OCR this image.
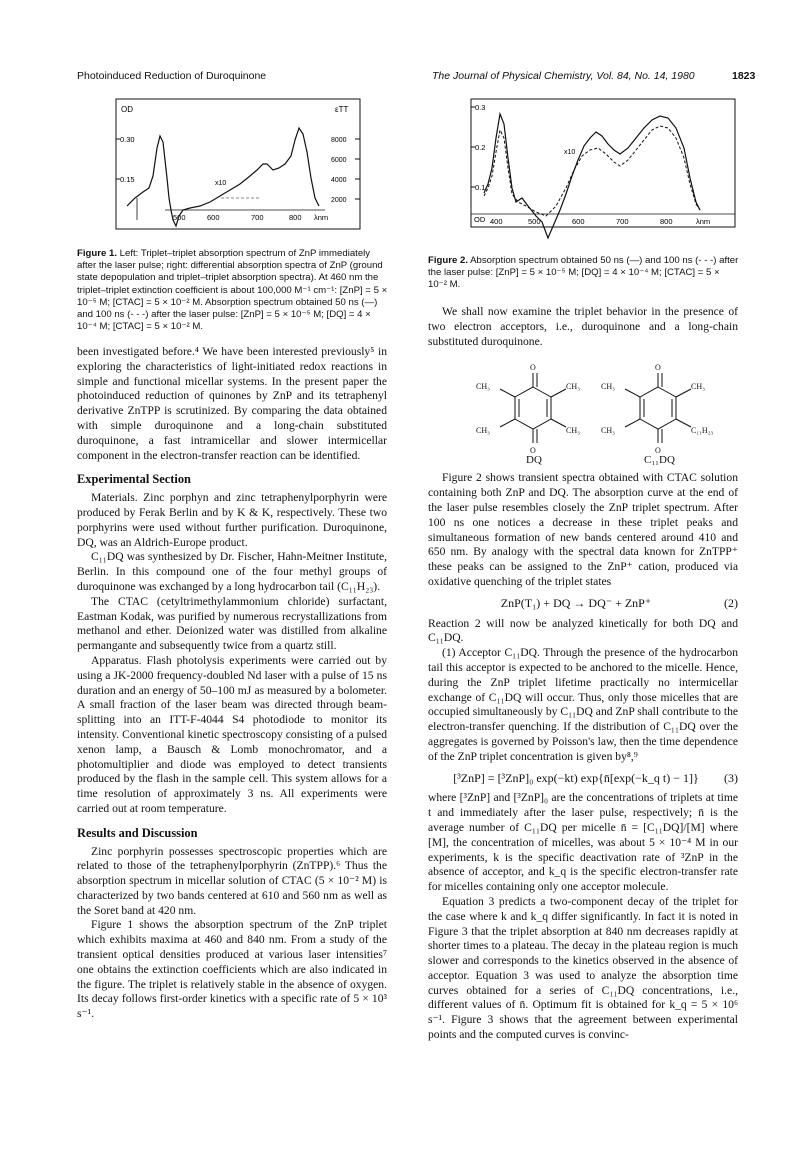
Photoinduced Reduction of Duroquinone	The Journal of Physical Chemistry, Vol. 84, No. 14, 1980	1823
OD	εTT
0.30
0.15
8000
6000
4000
2000
500	600	700	800 λnm
x10
Figure 1. Left: Triplet–triplet absorption spectrum of ZnP immediately after the laser pulse; right: differential absorption spectra of ZnP (ground state depopulation and triplet–triplet absorption spectra). At 460 nm the triplet–triplet extinction coefficient is about 100,000 M⁻¹ cm⁻¹: [ZnP] = 5 × 10⁻⁵ M; [CTAC] = 5 × 10⁻² M. Absorption spectrum obtained 50 ns (—) and 100 ns (- - -) after the laser pulse: [ZnP] = 5 × 10⁻⁵ M; [DQ] = 4 × 10⁻⁴ M; [CTAC] = 5 × 10⁻² M.
0.3
0.2
0.1
OD 400	500	600	700	800	λnm
x10
Figure 2. Absorption spectrum obtained 50 ns (—) and 100 ns (- - -) after the laser pulse: [ZnP] = 5 × 10⁻⁵ M; [DQ] = 4 × 10⁻⁴ M; [CTAC] = 5 × 10⁻² M.

been investigated before.⁴ We have been interested previously⁵ in exploring the characteristics of light-initiated redox reactions in simple and functional micellar systems. In the present paper the photoinduced reduction of quinones by ZnP and its tetraphenyl derivative ZnTPP is scrutinized. By comparing the data obtained with simple duroquinone and a long-chain substituted duroquinone, a fast intramicellar and slower intermicellar component in the electron-transfer reaction can be identified.

Experimental Section

Materials. Zinc porphyn and zinc tetraphenylporphyrin were produced by Ferak Berlin and by K & K, respectively. These two porphyrins were used without further purification. Duroquinone, DQ, was an Aldrich-Europe product.

C₁₁DQ was synthesized by Dr. Fischer, Hahn-Meitner Institute, Berlin. In this compound one of the four methyl groups of duroquinone was exchanged by a long hydrocarbon tail (C₁₁H₂₃).

The CTAC (cetyltrimethylammonium chloride) surfactant, Eastman Kodak, was purified by numerous recrystallizations from methanol and ether. Deionized water was distilled from alkaline permangante and subsequently twice from a quartz still.

Apparatus. Flash photolysis experiments were carried out by using a JK-2000 frequency-doubled Nd laser with a pulse of 15 ns duration and an energy of 50–100 mJ as measured by a bolometer. A small fraction of the laser beam was directed through beam-splitting into an ITT-F-4044 S4 photodiode to monitor its intensity. Conventional kinetic spectroscopy consisting of a pulsed xenon lamp, a Bausch & Lomb monochromator, and a photomultiplier and diode was employed to detect transients produced by the flash in the sample cell. This system allows for a time resolution of approximately 3 ns. All experiments were carried out at room temperature.

Results and Discussion

Zinc porphyrin possesses spectroscopic properties which are related to those of the tetraphenylporphyrin (ZnTPP).⁶ Thus the absorption spectrum in micellar solution of CTAC (5 × 10⁻² M) is characterized by two bands centered at 610 and 560 nm as well as the Soret band at 420 nm.

Figure 1 shows the absorption spectrum of the ZnP triplet which exhibits maxima at 460 and 840 nm. From a study of the transient optical densities produced at various laser intensities⁷ one obtains the extinction coefficients which are also indicated in the figure. The triplet is relatively stable in the absence of oxygen. Its decay follows first-order kinetics with a specific rate of 5 × 10³ s⁻¹.

We shall now examine the triplet behavior in the presence of two electron acceptors, i.e., duroquinone and a long-chain substituted duroquinone.

O
O
CH₃	CH₃
CH₃	CH₃
O
O
CH₃	CH₃
CH₃	C₁₁H₂₃
DQ	C₁₁DQ

Figure 2 shows transient spectra obtained with CTAC solution containing both ZnP and DQ. The absorption curve at the end of the laser pulse resembles closely the ZnP triplet spectrum. After 100 ns one notices a decrease in these triplet peaks and simultaneous formation of new bands centered around 410 and 650 nm. By analogy with the spectral data known for ZnTPP⁺ these peaks can be assigned to the ZnP⁺ cation, produced via oxidative quenching of the triplet states

ZnP(T₁) + DQ → DQ⁻ + ZnP⁺	(2)

Reaction 2 will now be analyzed kinetically for both DQ and C₁₁DQ.

(1) Acceptor C₁₁DQ. Through the presence of the hydrocarbon tail this acceptor is expected to be anchored to the micelle. Hence, during the ZnP triplet lifetime practically no intermicellar exchange of C₁₁DQ will occur. Thus, only those micelles that are occupied simultaneously by C₁₁DQ and ZnP shall contribute to the electron-transfer quenching. If the distribution of C₁₁DQ over the aggregates is governed by Poisson's law, then the time dependence of the ZnP triplet concentration is given by⁸,⁹

[³ZnP] = [³ZnP]₀ exp(−kt) exp{n̄[exp(−k_q t) − 1]}	(3)

where [³ZnP] and [³ZnP]₀ are the concentrations of triplets at time t and immediately after the laser pulse, respectively; n̄ is the average number of C₁₁DQ per micelle n̄ = [C₁₁DQ]/[M] where [M], the concentration of micelles, was about 5 × 10⁻⁴ M in our experiments, k is the specific deactivation rate of ³ZnP in the absence of acceptor, and k_q is the specific electron-transfer rate for micelles containing only one acceptor molecule.

Equation 3 predicts a two-component decay of the triplet for the case where k and k_q differ significantly. In fact it is noted in Figure 3 that the triplet absorption at 840 nm decreases rapidly at shorter times to a plateau. The decay in the plateau region is much slower and corresponds to the kinetics observed in the absence of acceptor. Equation 3 was used to analyze the absorption time curves obtained for a series of C₁₁DQ concentrations, i.e., different values of n̄. Optimum fit is obtained for k_q = 5 × 10⁶ s⁻¹. Figure 3 shows that the agreement between experimental points and the computed curves is convinc-
